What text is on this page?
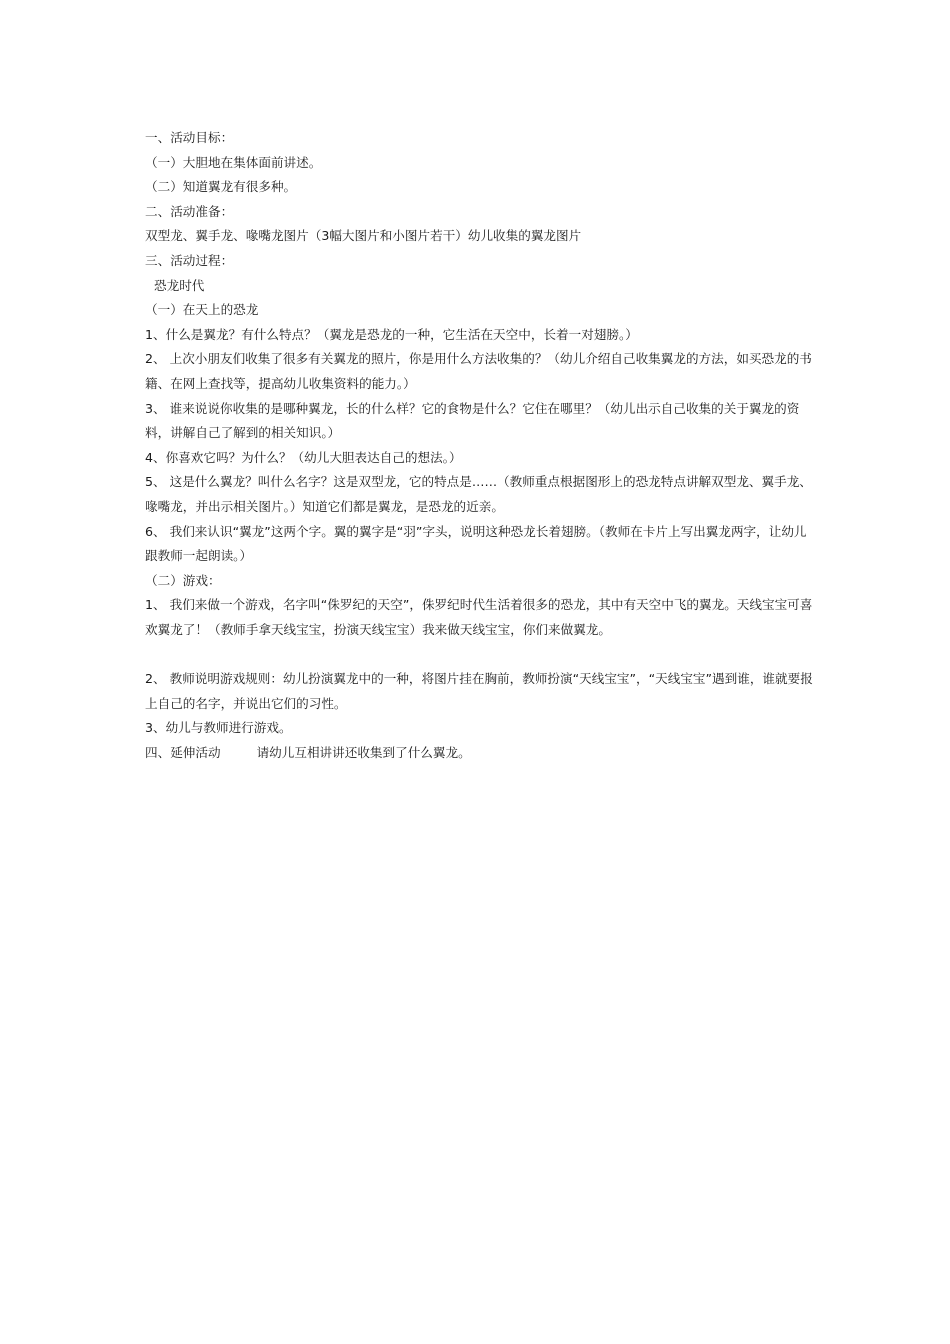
一、活动目标：

（一）大胆地在集体面前讲述。

（二）知道翼龙有很多种。

二、活动准备：

双型龙、翼手龙、喙嘴龙图片（3幅大图片和小图片若干）幼儿收集的翼龙图片

三、活动过程：

恐龙时代

（一）在天上的恐龙

1、什么是翼龙？有什么特点？（翼龙是恐龙的一种，它生活在天空中，长着一对翅膀。）

2、 上次小朋友们收集了很多有关翼龙的照片，你是用什么方法收集的？（幼儿介绍自己收集翼龙的方法，如买恐龙的书籍、在网上查找等，提高幼儿收集资料的能力。）

3、 谁来说说你收集的是哪种翼龙，长的什么样？它的食物是什么？它住在哪里？（幼儿出示自己收集的关于翼龙的资料，讲解自己了解到的相关知识。）

4、你喜欢它吗？为什么？（幼儿大胆表达自己的想法。）

5、 这是什么翼龙？叫什么名字？这是双型龙，它的特点是……（教师重点根据图形上的恐龙特点讲解双型龙、翼手龙、喙嘴龙，并出示相关图片。）知道它们都是翼龙，是恐龙的近亲。

6、 我们来认识“翼龙”这两个字。翼的翼字是“羽”字头，说明这种恐龙长着翅膀。（教师在卡片上写出翼龙两字，让幼儿跟教师一起朗读。）

（二）游戏：

1、 我们来做一个游戏，名字叫“侏罗纪的天空”，侏罗纪时代生活着很多的恐龙，其中有天空中飞的翼龙。天线宝宝可喜欢翼龙了！（教师手拿天线宝宝，扮演天线宝宝）我来做天线宝宝，你们来做翼龙。

2、 教师说明游戏规则：幼儿扮演翼龙中的一种，将图片挂在胸前，教师扮演“天线宝宝”，“天线宝宝”遇到谁，谁就要报上自己的名字，并说出它们的习性。

3、幼儿与教师进行游戏。

四、延伸活动	请幼儿互相讲讲还收集到了什么翼龙。
